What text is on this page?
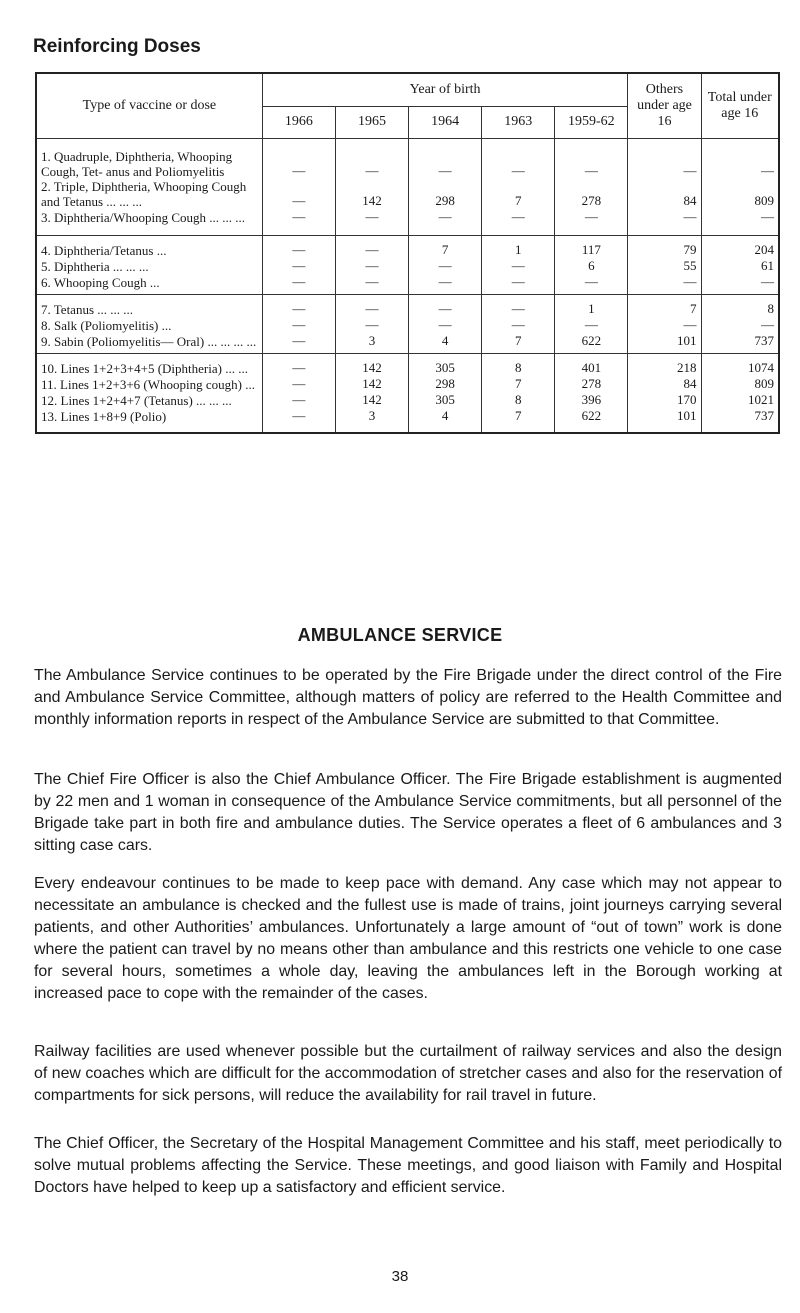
Reinforcing Doses
Type of vaccine or dose	Year of birth					Others under age 16	Total under age 16
	1966	1965	1964	1963	1959-62		
1. Quadruple, Diphtheria, Whooping Cough, Tet- anus and Poliomyelitis	—	—	—	—	—	—	—
2. Triple, Diphtheria, Whooping Cough and Tetanus ... ... ...	—	142	298	7	278	84	809
3. Diphtheria/Whooping Cough ... ... ...	—	—	—	—	—	—	—
4. Diphtheria/Tetanus ...	—	—	7	1	117	79	204
5. Diphtheria ... ... ...	—	—	—	—	6	55	61
6. Whooping Cough ...	—	—	—	—	—	—	—
7. Tetanus ... ... ...	—	—	—	—	1	7	8
8. Salk (Poliomyelitis) ...	—	—	—	—	—	—	—
9. Sabin (Poliomyelitis— Oral) ... ... ... ...	—	3	4	7	622	101	737
10. Lines 1+2+3+4+5 (Diphtheria) ... ...	—	142	305	8	401	218	1074
11. Lines 1+2+3+6 (Whooping cough) ...	—	142	298	7	278	84	809
12. Lines 1+2+4+7 (Tetanus) ... ... ...	—	142	305	8	396	170	1021
13. Lines 1+8+9 (Polio)	—	3	4	7	622	101	737
AMBULANCE SERVICE
The Ambulance Service continues to be operated by the Fire Brigade under the direct control of the Fire and Ambulance Service Committee, although matters of policy are referred to the Health Committee and monthly information reports in respect of the Ambulance Service are submitted to that Committee.
The Chief Fire Officer is also the Chief Ambulance Officer. The Fire Brigade establishment is augmented by 22 men and 1 woman in consequence of the Ambulance Service commitments, but all personnel of the Brigade take part in both fire and ambulance duties. The Service operates a fleet of 6 ambulances and 3 sitting case cars.
Every endeavour continues to be made to keep pace with demand. Any case which may not appear to necessitate an ambulance is checked and the fullest use is made of trains, joint journeys carrying several patients, and other Authorities’ ambulances. Unfortunately a large amount of “out of town” work is done where the patient can travel by no means other than ambulance and this restricts one vehicle to one case for several hours, sometimes a whole day, leaving the ambulances left in the Borough working at increased pace to cope with the remainder of the cases.
Railway facilities are used whenever possible but the curtailment of railway services and also the design of new coaches which are difficult for the accommodation of stretcher cases and also for the reservation of compartments for sick persons, will reduce the availability for rail travel in future.
The Chief Officer, the Secretary of the Hospital Management Committee and his staff, meet periodically to solve mutual problems affecting the Service. These meetings, and good liaison with Family and Hospital Doctors have helped to keep up a satisfactory and efficient service.
38
